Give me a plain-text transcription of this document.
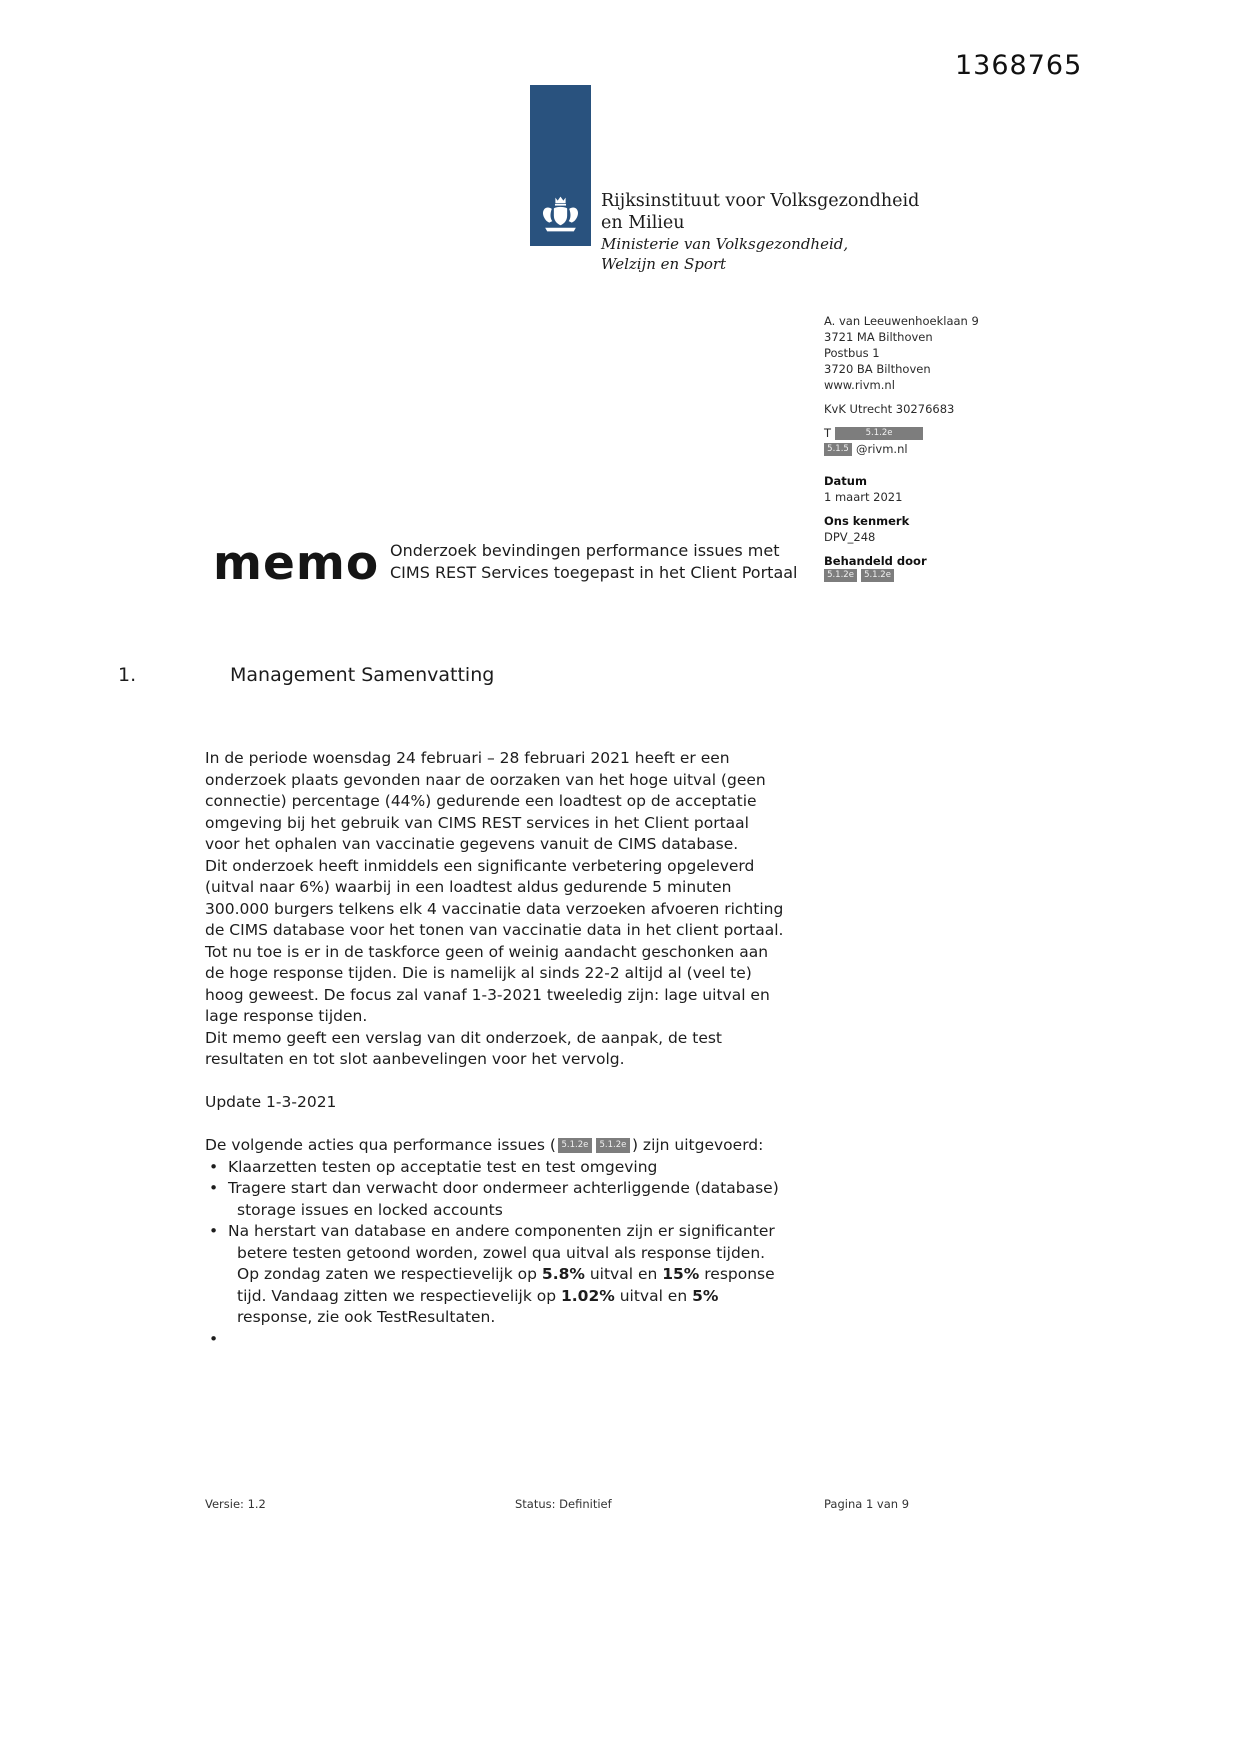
1368765
Rijksinstituut voor Volksgezondheid
en Milieu
Ministerie van Volksgezondheid,
Welzijn en Sport
A. van Leeuwenhoeklaan 9
3721 MA Bilthoven
Postbus 1
3720 BA Bilthoven
www.rivm.nl
KvK Utrecht 30276683
T	5.1.2e
5.1.5 @rivm.nl
Datum
1 maart 2021
Ons kenmerk
DPV_248
Behandeld door
5.1.2e	5.1.2e
memo Onderzoek bevindingen performance issues met
CIMS REST Services toegepast in het Client Portaal
1.	Management Samenvatting
In de periode woensdag 24 februari – 28 februari 2021 heeft er een
onderzoek plaats gevonden naar de oorzaken van het hoge uitval (geen
connectie) percentage (44%) gedurende een loadtest op de acceptatie
omgeving bij het gebruik van CIMS REST services in het Client portaal
voor het ophalen van vaccinatie gegevens vanuit de CIMS database.
Dit onderzoek heeft inmiddels een significante verbetering opgeleverd
(uitval naar 6%) waarbij in een loadtest aldus gedurende 5 minuten
300.000 burgers telkens elk 4 vaccinatie data verzoeken afvoeren richting
de CIMS database voor het tonen van vaccinatie data in het client portaal.
Tot nu toe is er in de taskforce geen of weinig aandacht geschonken aan
de hoge response tijden. Die is namelijk al sinds 22-2 altijd al (veel te)
hoog geweest. De focus zal vanaf 1-3-2021 tweeledig zijn: lage uitval en
lage response tijden.
Dit memo geeft een verslag van dit onderzoek, de aanpak, de test
resultaten en tot slot aanbevelingen voor het vervolg.
Update 1-3-2021
De volgende acties qua performance issues ( 5.1.2e 5.1.2e ) zijn uitgevoerd:
• Klaarzetten testen op acceptatie test en test omgeving
• Tragere start dan verwacht door ondermeer achterliggende (database)
storage issues en locked accounts
• Na herstart van database en andere componenten zijn er significanter
betere testen getoond worden, zowel qua uitval als response tijden.
Op zondag zaten we respectievelijk op 5.8% uitval en 15% response
tijd. Vandaag zitten we respectievelijk op 1.02% uitval en 5%
response, zie ook TestResultaten.
•
Versie: 1.2	Status: Definitief	Pagina 1 van 9
